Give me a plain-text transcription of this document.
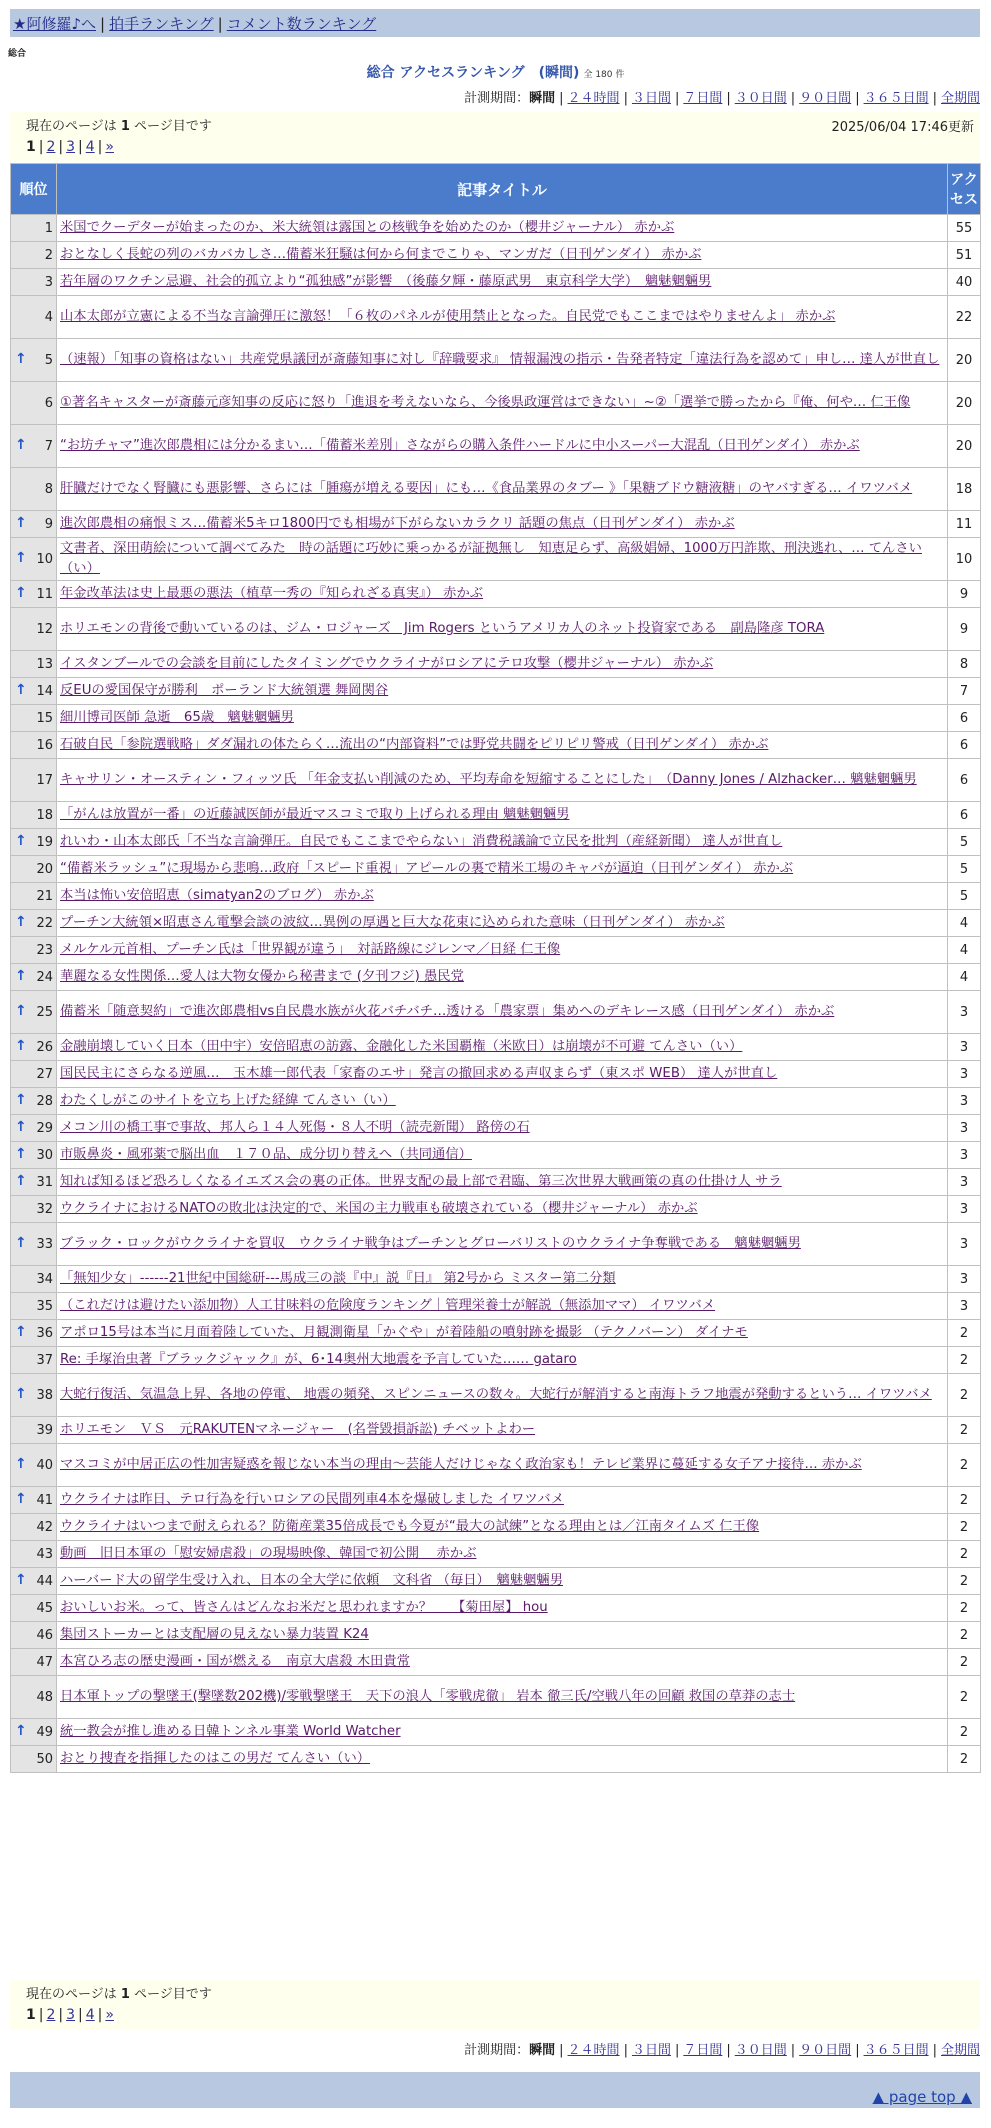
★阿修羅♪へ | 拍手ランキング | コメント数ランキング
総合
総合 アクセスランキング　(瞬間) 全 180 件
計測期間：瞬間 | ２４時間 | ３日間 | ７日間 | ３０日間 | ９０日間 | ３６５日間 | 全期間
現在のページは 1 ページ目です	2025/06/04 17:46更新
1 | 2 | 3 | 4 | »
順位	記事タイトル	アクセス
1	米国でクーデターが始まったのか、米大統領は露国との核戦争を始めたのか（櫻井ジャーナル） 赤かぶ	55
2	おとなしく長蛇の列のバカバカしさ…備蓄米狂騒は何から何までこりゃ、マンガだ（日刊ゲンダイ） 赤かぶ	51
3	若年層のワクチン忌避、社会的孤立より“孤独感”が影響　（後藤夕輝・藤原武男　東京科学大学）　魑魅魍魎男	40
4	山本太郎が立憲による不当な言論弾圧に激怒！「６枚のパネルが使用禁止となった。自民党でもここまではやりませんよ」 赤かぶ	22

↑ 5	（速報）「知事の資格はない」共産党県議団が斎藤知事に対し『辞職要求』 情報漏洩の指示・告発者特定「違法行為を認めて」申し… 達人が世直し	20
6	①著名キャスターが斎藤元彦知事の反応に怒り「進退を考えないなら、今後県政運営はできない」~②「選挙で勝ったから『俺、何や… 仁王像	20

↑ 7	“お坊チャマ”進次郎農相には分かるまい…「備蓄米差別」さながらの購入条件ハードルに中小スーパー大混乱（日刊ゲンダイ） 赤かぶ	20
8	肝臓だけでなく腎臓にも悪影響、さらには「腫瘍が増える要因」にも…《食品業界のタブー 》「果糖ブドウ糖液糖」のヤバすぎる… イワツバメ	18

↑ 9	進次郎農相の痛恨ミス…備蓄米5キロ1800円でも相場が下がらないカラクリ 話題の焦点（日刊ゲンダイ） 赤かぶ	11

↑ 10	文書者、深田萌絵について調べてみた　時の話題に巧妙に乗っかるが証拠無し　知恵足らず、高級娼婦、1000万円詐欺、刑決逃れ、… てんさい（い）	10

↑ 11	年金改革法は史上最悪の悪法（植草一秀の『知られざる真実』） 赤かぶ	9
12	ホリエモンの背後で動いているのは、ジム・ロジャーズ　Jim Rogers というアメリカ人のネット投資家である　副島隆彦 TORA	9
13	イスタンブールでの会談を目前にしたタイミングでウクライナがロシアにテロ攻撃（櫻井ジャーナル） 赤かぶ	8

↑ 14	反EUの愛国保守が勝利　ポーランド大統領選 舞岡関谷	7
15	細川博司医師 急逝　65歳　魑魅魍魎男	6
16	石破自民「参院選戦略」ダダ漏れの体たらく…流出の“内部資料”では野党共闘をピリピリ警戒（日刊ゲンダイ） 赤かぶ	6
17	キャサリン・オースティン・フィッツ氏 「年金支払い削減のため、平均寿命を短縮することにした」　（Danny Jones / Alzhacker… 魑魅魍魎男	6
18	「がんは放置が一番」の近藤誠医師が最近マスコミで取り上げられる理由 魑魅魍魎男	6

↑ 19	れいわ・山本太郎氏「不当な言論弾圧。自民でもここまでやらない」消費税議論で立民を批判（産経新聞） 達人が世直し	5
20	“備蓄米ラッシュ”に現場から悲鳴…政府「スピード重視」アピールの裏で精米工場のキャパが逼迫（日刊ゲンダイ） 赤かぶ	5
21	本当は怖い安倍昭恵（simatyan2のブログ） 赤かぶ	5

↑ 22	プーチン大統領×昭恵さん電撃会談の波紋…異例の厚遇と巨大な花束に込められた意味（日刊ゲンダイ） 赤かぶ	4
23	メルケル元首相、プーチン氏は「世界観が違う」　対話路線にジレンマ／日経 仁王像	4

↑ 24	華麗なる女性関係…愛人は大物女優から秘書まで (夕刊フジ) 愚民党	4

↑ 25	備蓄米「随意契約」で進次郎農相vs自民農水族が火花バチバチ…透ける「農家票」集めへのデキレース感（日刊ゲンダイ） 赤かぶ	3

↑ 26	金融崩壊していく日本（田中宇）安倍昭恵の訪露、金融化した米国覇権（米欧日）は崩壊が不可避 てんさい（い）	3
27	国民民主にさらなる逆風…　玉木雄一郎代表「家畜のエサ」発言の撤回求める声収まらず（東スポ WEB） 達人が世直し	3

↑ 28	わたくしがこのサイトを立ち上げた経緯 てんさい（い）	3

↑ 29	メコン川の橋工事で事故、邦人ら１４人死傷・８人不明（読売新聞） 路傍の石	3

↑ 30	市販鼻炎・風邪薬で脳出血　１７０品、成分切り替えへ（共同通信）	3

↑ 31	知れば知るほど恐ろしくなるイエズス会の裏の正体。世界支配の最上部で君臨、第三次世界大戦画策の真の仕掛け人 サラ	3
32	ウクライナにおけるNATOの敗北は決定的で、米国の主力戦車も破壊されている（櫻井ジャーナル） 赤かぶ	3

↑ 33	ブラック・ロックがウクライナを買収　ウクライナ戦争はプーチンとグローバリストのウクライナ争奪戦である　魑魅魍魎男	3
34	「無知少女」------21世紀中国総研---馬成三の談『中』説『日』 第2号から ミスター第二分類	3
35	（これだけは避けたい添加物）人工甘味料の危険度ランキング｜管理栄養士が解説（無添加ママ） イワツバメ	3

↑ 36	アポロ15号は本当に月面着陸していた、月観測衛星「かぐや」が着陸船の噴射跡を撮影 （テクノバーン） ダイナモ	2
37	Re: 手塚治虫著『ブラックジャック』が、6･14奥州大地震を予言していた…… gataro	2

↑ 38	大蛇行復活、気温急上昇、各地の停電、 地震の頻発、スピンニュースの数々。大蛇行が解消すると南海トラフ地震が発動するという… イワツバメ	2
39	ホリエモン　ＶＳ　元RAKUTENマネージャー　(名誉毀損訴訟) チベットよわー	2

↑ 40	マスコミが中居正広の性加害疑惑を報じない本当の理由〜芸能人だけじゃなく政治家も！テレビ業界に蔓延する女子アナ接待… 赤かぶ	2

↑ 41	ウクライナは昨日、テロ行為を行いロシアの民間列車4本を爆破しました イワツバメ	2
42	ウクライナはいつまで耐えられる？防衛産業35倍成長でも今夏が“最大の試練”となる理由とは／江南タイムズ 仁王像	2
43	動画　旧日本軍の「慰安婦虐殺」の現場映像、韓国で初公開　 赤かぶ	2

↑ 44	ハーバード大の留学生受け入れ、日本の全大学に依頼　文科省 （毎日）　魑魅魍魎男	2
45	おいしいお米。って、皆さんはどんなお米だと思われますか？　　【菊田屋】 hou	2
46	集団ストーカーとは支配層の見えない暴力装置 K24	2
47	本宮ひろ志の歴史漫画・国が燃える　南京大虐殺 木田貴常	2
48	日本軍トップの撃墜王(撃墜数202機)/零戦撃墜王　天下の浪人「零戦虎徹」 岩本 徹三氏/空戦八年の回顧 救国の草莽の志士	2

↑ 49	統一教会が推し進める日韓トンネル事業 World Watcher	2
50	おとり捜査を指揮したのはこの男だ てんさい（い）	2
現在のページは 1 ページ目です
1 | 2 | 3 | 4 | »
計測期間：瞬間 | ２４時間 | ３日間 | ７日間 | ３０日間 | ９０日間 | ３６５日間 | 全期間
▲ page top ▲
